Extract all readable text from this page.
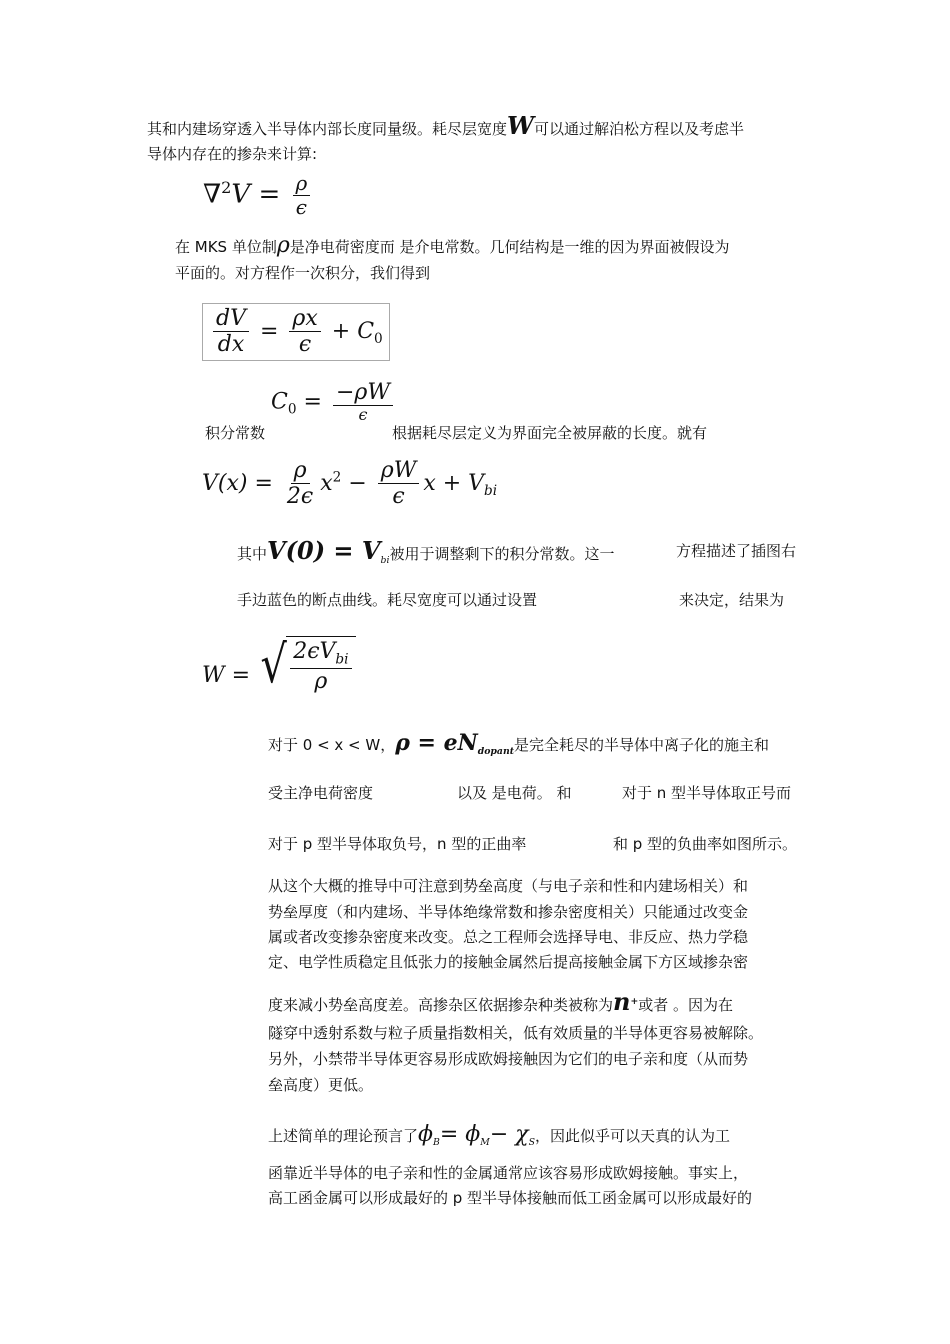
其和内建场穿透入半导体内部长度同量级。耗尽层宽度W可以通过解泊松方程以及考虑半
导体内存在的掺杂来计算:
$\nabla^2V = \frac{\rho}{\epsilon}$
在 MKS 单位制ρ是净电荷密度而 是介电常数。几何结构是一维的因为界面被假设为
平面的。对方程作一次积分，我们得到
$\frac{dV}{dx} = \frac{\rho x}{\epsilon} + C_0$
积分常数
$C_0 = \frac{-\rho W}{\epsilon}$
根据耗尽层定义为界面完全被屏蔽的长度。就有
$V(x) = \frac{\rho}{2\epsilon} x^2 - \frac{\rho W}{\epsilon}$ $x + V_{bi}$
其中$V(0) = V_{bi}$被用于调整剩下的积分常数。这一	方程描述了插图右
手边蓝色的断点曲线。耗尽宽度可以通过设置	来决定，结果为
W = √ $\frac{2\epsilon V_{bi}}{\rho}$
对于 0 < x < W，$\rho = eN_{dopant}$是完全耗尽的半导体中离子化的施主和
受主净电荷密度	以及 是电荷。 和	对于 n 型半导体取正号而
对于 p 型半导体取负号，n 型的正曲率	和 p 型的负曲率如图所示。
从这个大概的推导中可注意到势垒高度（与电子亲和性和内建场相关）和
势垒厚度（和内建场、半导体绝缘常数和掺杂密度相关）只能通过改变金
属或者改变掺杂密度来改变。总之工程师会选择导电、非反应、热力学稳
定、电学性质稳定且低张力的接触金属然后提高接触金属下方区域掺杂密
度来减小势垒高度差。高掺杂区依据掺杂种类被称为n+或者 。因为在
隧穿中透射系数与粒子质量指数相关，低有效质量的半导体更容易被解除。
另外，小禁带半导体更容易形成欧姆接触因为它们的电子亲和度（从而势
垒高度）更低。
上述简单的理论预言了$\phi_B= \phi_M- \chi_S$，因此似乎可以天真的认为工
函靠近半导体的电子亲和性的金属通常应该容易形成欧姆接触。事实上，
高工函金属可以形成最好的 p 型半导体接触而低工函金属可以形成最好的
